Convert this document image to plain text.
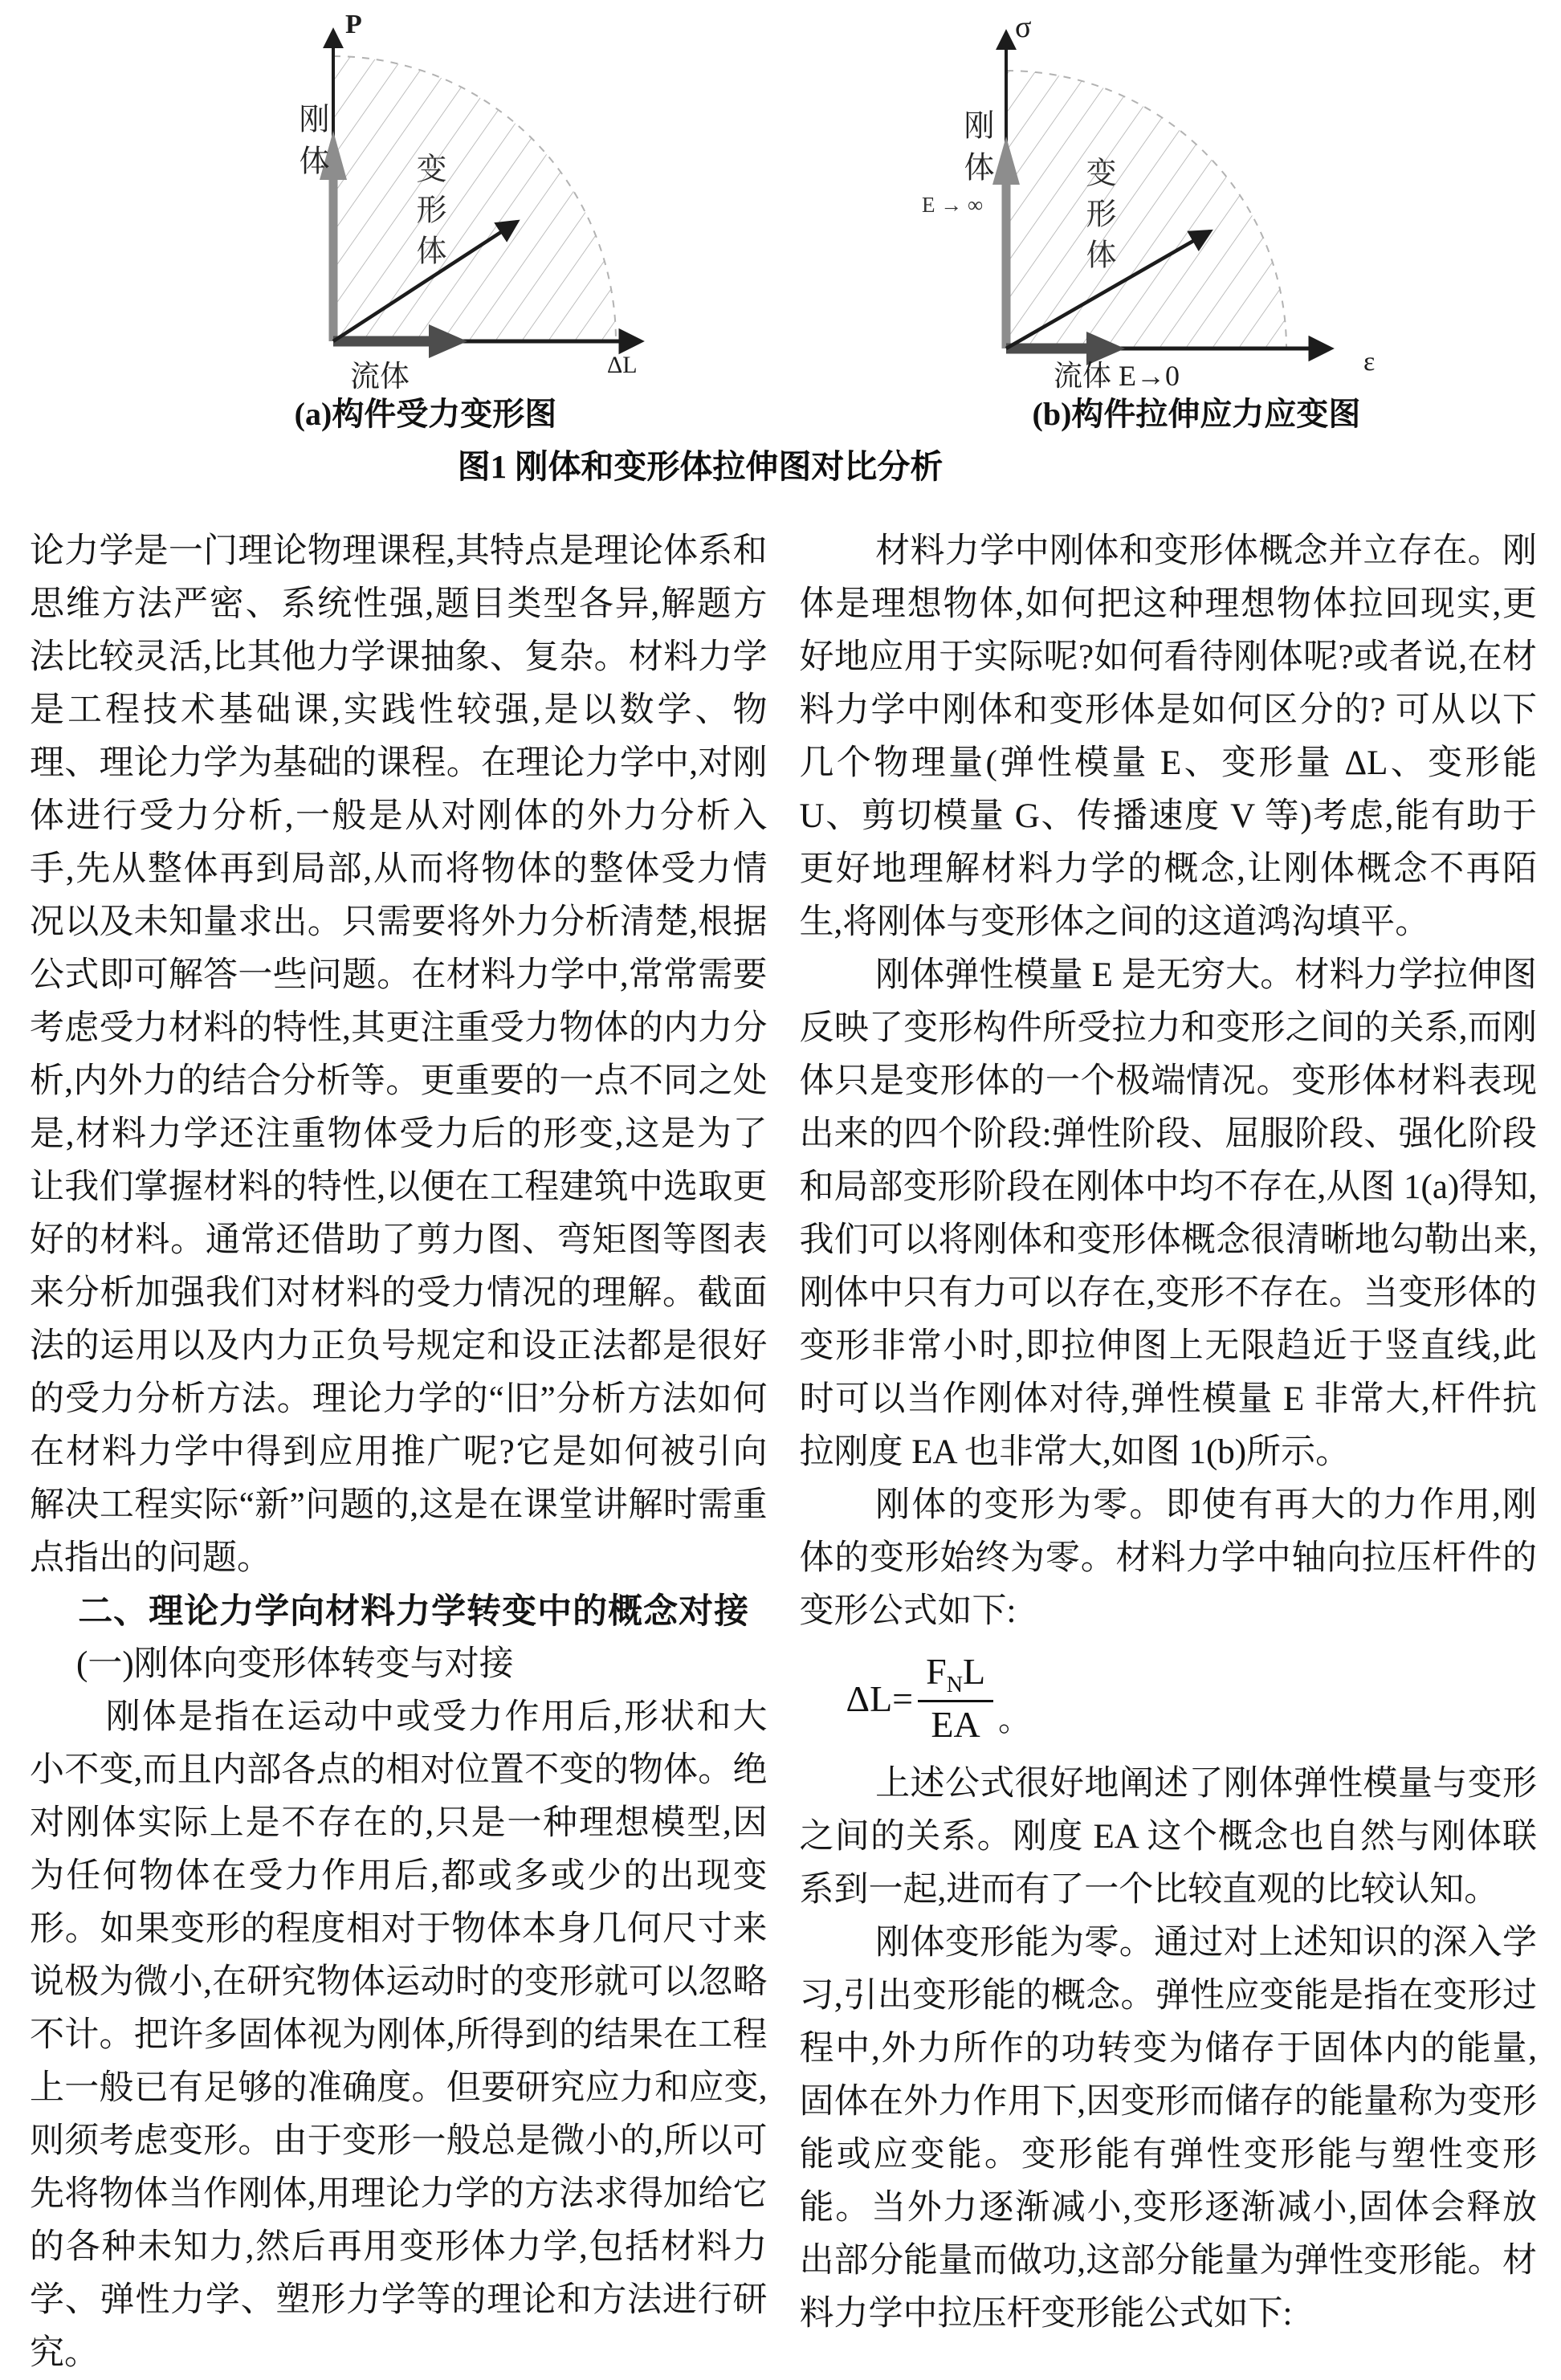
P
刚体
变形体
流体	ΔL
σ
刚体
E → ∞	变形体
流体 E→0	ε
(a)构件受力变形图	(b)构件拉伸应力应变图
图1 刚体和变形体拉伸图对比分析

论力学是一门理论物理课程,其特点是理论体系和思维方法严密、系统性强,题目类型各异,解题方法比较灵活,比其他力学课抽象、复杂。材料力学是工程技术基础课,实践性较强,是以数学、物理、理论力学为基础的课程。在理论力学中,对刚体进行受力分析,一般是从对刚体的外力分析入手,先从整体再到局部,从而将物体的整体受力情况以及未知量求出。只需要将外力分析清楚,根据公式即可解答一些问题。在材料力学中,常常需要考虑受力材料的特性,其更注重受力物体的内力分析,内外力的结合分析等。更重要的一点不同之处是,材料力学还注重物体受力后的形变,这是为了让我们掌握材料的特性,以便在工程建筑中选取更好的材料。通常还借助了剪力图、弯矩图等图表来分析加强我们对材料的受力情况的理解。截面法的运用以及内力正负号规定和设正法都是很好的受力分析方法。理论力学的“旧”分析方法如何在材料力学中得到应用推广呢?它是如何被引向解决工程实际“新”问题的,这是在课堂讲解时需重点指出的问题。

二、理论力学向材料力学转变中的概念对接

(一)刚体向变形体转变与对接

刚体是指在运动中或受力作用后,形状和大小不变,而且内部各点的相对位置不变的物体。绝对刚体实际上是不存在的,只是一种理想模型,因为任何物体在受力作用后,都或多或少的出现变形。如果变形的程度相对于物体本身几何尺寸来说极为微小,在研究物体运动时的变形就可以忽略不计。把许多固体视为刚体,所得到的结果在工程上一般已有足够的准确度。但要研究应力和应变,则须考虑变形。由于变形一般总是微小的,所以可先将物体当作刚体,用理论力学的方法求得加给它的各种未知力,然后再用变形体力学,包括材料力学、弹性力学、塑形力学等的理论和方法进行研究。

材料力学中刚体和变形体概念并立存在。刚体是理想物体,如何把这种理想物体拉回现实,更好地应用于实际呢?如何看待刚体呢?或者说,在材料力学中刚体和变形体是如何区分的? 可从以下几个物理量(弹性模量 E、变形量 ΔL、变形能 U、剪切模量 G、传播速度 V 等)考虑,能有助于更好地理解材料力学的概念,让刚体概念不再陌生,将刚体与变形体之间的这道鸿沟填平。

刚体弹性模量 E 是无穷大。材料力学拉伸图反映了变形构件所受拉力和变形之间的关系,而刚体只是变形体的一个极端情况。变形体材料表现出来的四个阶段:弹性阶段、屈服阶段、强化阶段和局部变形阶段在刚体中均不存在,从图 1(a)得知,我们可以将刚体和变形体概念很清晰地勾勒出来,刚体中只有力可以存在,变形不存在。当变形体的变形非常小时,即拉伸图上无限趋近于竖直线,此时可以当作刚体对待,弹性模量 E 非常大,杆件抗拉刚度 EA 也非常大,如图 1(b)所示。

刚体的变形为零。即使有再大的力作用,刚体的变形始终为零。材料力学中轴向拉压杆件的变形公式如下:

$\Delta L= \frac{F_NL}{EA}$ 。

上述公式很好地阐述了刚体弹性模量与变形之间的关系。刚度 EA 这个概念也自然与刚体联系到一起,进而有了一个比较直观的比较认知。

刚体变形能为零。通过对上述知识的深入学习,引出变形能的概念。弹性应变能是指在变形过程中,外力所作的功转变为储存于固体内的能量,固体在外力作用下,因变形而储存的能量称为变形能或应变能。变形能有弹性变形能与塑性变形能。当外力逐渐减小,变形逐渐减小,固体会释放出部分能量而做功,这部分能量为弹性变形能。材料力学中拉压杆变形能公式如下:
